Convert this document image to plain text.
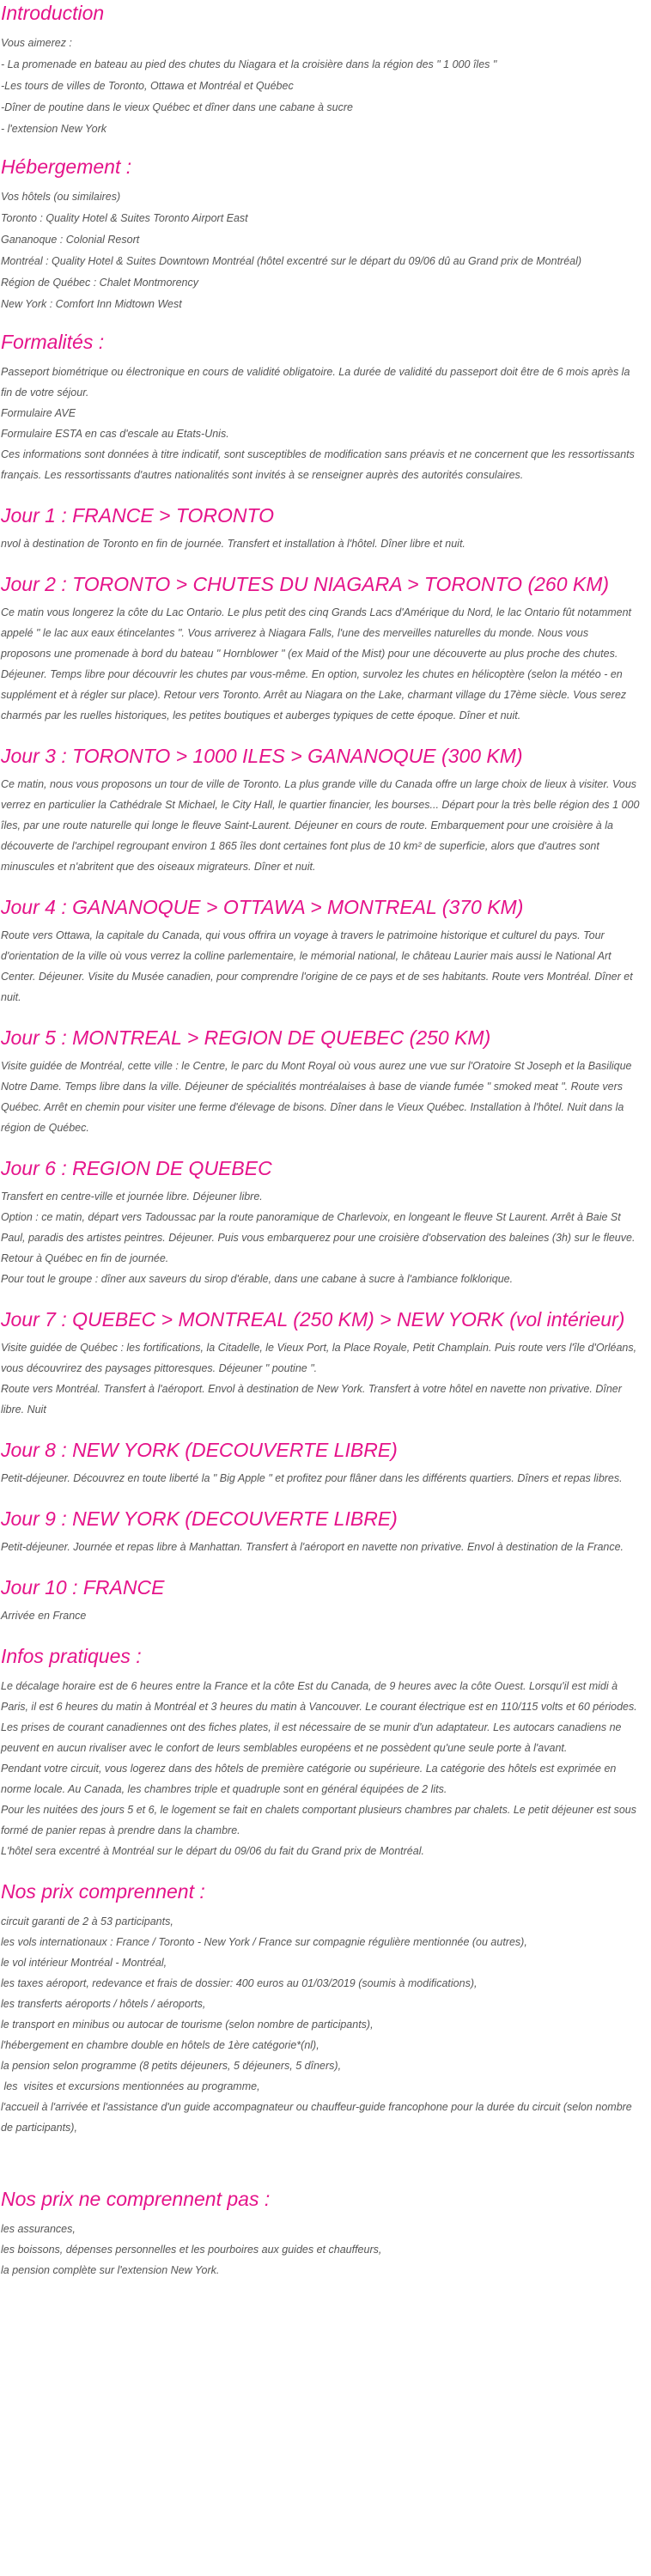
Introduction
Vous aimerez :
- La promenade en bateau au pied des chutes du Niagara et la croisière dans la région des " 1 000 îles "
-Les tours de villes de Toronto, Ottawa et Montréal et Québec
-Dîner de poutine dans le vieux Québec et dîner dans une cabane à sucre
- l'extension New York
Hébergement :
Vos hôtels (ou similaires)
Toronto : Quality Hotel & Suites Toronto Airport East
Gananoque : Colonial Resort
Montréal : Quality Hotel & Suites Downtown Montréal (hôtel excentré sur le départ du 09/06 dû au Grand prix de Montréal)
Région de Québec : Chalet Montmorency
New York : Comfort Inn Midtown West
Formalités :
Passeport biométrique ou électronique en cours de validité obligatoire. La durée de validité du passeport doit être de 6 mois après la fin de votre séjour.
Formulaire AVE
Formulaire ESTA en cas d'escale au Etats-Unis.
Ces informations sont données à titre indicatif, sont susceptibles de modification sans préavis et ne concernent que les ressortissants français. Les ressortissants d'autres nationalités sont invités à se renseigner auprès des autorités consulaires.
Jour 1 : FRANCE > TORONTO
nvol à destination de Toronto en fin de journée. Transfert et installation à l'hôtel. Dîner libre et nuit.
Jour 2 : TORONTO > CHUTES DU NIAGARA > TORONTO (260 KM)
Ce matin vous longerez la côte du Lac Ontario. Le plus petit des cinq Grands Lacs d'Amérique du Nord, le lac Ontario fût notamment appelé " le lac aux eaux étincelantes ". Vous arriverez à Niagara Falls, l'une des merveilles naturelles du monde. Nous vous proposons une promenade à bord du bateau " Hornblower " (ex Maid of the Mist) pour une découverte au plus proche des chutes. Déjeuner. Temps libre pour découvrir les chutes par vous-même. En option, survolez les chutes en hélicoptère (selon la météo - en supplément et à régler sur place). Retour vers Toronto. Arrêt au Niagara on the Lake, charmant village du 17ème siècle. Vous serez charmés par les ruelles historiques, les petites boutiques et auberges typiques de cette époque. Dîner et nuit.
Jour 3 : TORONTO > 1000 ILES > GANANOQUE (300 KM)
Ce matin, nous vous proposons un tour de ville de Toronto. La plus grande ville du Canada offre un large choix de lieux à visiter. Vous verrez en particulier la Cathédrale St Michael, le City Hall, le quartier financier, les bourses... Départ pour la très belle région des 1 000 îles, par une route naturelle qui longe le fleuve Saint-Laurent. Déjeuner en cours de route. Embarquement pour une croisière à la découverte de l'archipel regroupant environ 1 865 îles dont certaines font plus de 10 km² de superficie, alors que d'autres sont minuscules et n'abritent que des oiseaux migrateurs. Dîner et nuit.
Jour 4 : GANANOQUE > OTTAWA > MONTREAL (370 KM)
Route vers Ottawa, la capitale du Canada, qui vous offrira un voyage à travers le patrimoine historique et culturel du pays. Tour d'orientation de la ville où vous verrez la colline parlementaire, le mémorial national, le château Laurier mais aussi le National Art Center. Déjeuner. Visite du Musée canadien, pour comprendre l'origine de ce pays et de ses habitants. Route vers Montréal. Dîner et nuit.
Jour 5 : MONTREAL > REGION DE QUEBEC (250 KM)
Visite guidée de Montréal, cette ville : le Centre, le parc du Mont Royal où vous aurez une vue sur l'Oratoire St Joseph et la Basilique Notre Dame. Temps libre dans la ville. Déjeuner de spécialités montréalaises à base de viande fumée " smoked meat ". Route vers Québec. Arrêt en chemin pour visiter une ferme d'élevage de bisons. Dîner dans le Vieux Québec. Installation à l'hôtel. Nuit dans la région de Québec.
Jour 6 : REGION DE QUEBEC
Transfert en centre-ville et journée libre. Déjeuner libre.
Option : ce matin, départ vers Tadoussac par la route panoramique de Charlevoix, en longeant le fleuve St Laurent. Arrêt à Baie St Paul, paradis des artistes peintres. Déjeuner. Puis vous embarquerez pour une croisière d'observation des baleines (3h) sur le fleuve. Retour à Québec en fin de journée.
Pour tout le groupe : dîner aux saveurs du sirop d'érable, dans une cabane à sucre à l'ambiance folklorique.
Jour 7 : QUEBEC > MONTREAL (250 KM) > NEW YORK (vol intérieur)
Visite guidée de Québec : les fortifications, la Citadelle, le Vieux Port, la Place Royale, Petit Champlain. Puis route vers l'île d'Orléans, vous découvrirez des paysages pittoresques. Déjeuner " poutine ".
Route vers Montréal. Transfert à l'aéroport. Envol à destination de New York. Transfert à votre hôtel en navette non privative. Dîner libre. Nuit
Jour 8 : NEW YORK (DECOUVERTE LIBRE)
Petit-déjeuner. Découvrez en toute liberté la " Big Apple " et profitez pour flâner dans les différents quartiers. Dîners et repas libres.
Jour 9 : NEW YORK (DECOUVERTE LIBRE)
Petit-déjeuner. Journée et repas libre à Manhattan. Transfert à l'aéroport en navette non privative. Envol à destination de la France.
Jour 10 : FRANCE
Arrivée en France
Infos pratiques :
Le décalage horaire est de 6 heures entre la France et la côte Est du Canada, de 9 heures avec la côte Ouest. Lorsqu'il est midi à Paris, il est 6 heures du matin à Montréal et 3 heures du matin à Vancouver. Le courant électrique est en 110/115 volts et 60 périodes. Les prises de courant canadiennes ont des fiches plates, il est nécessaire de se munir d'un adaptateur. Les autocars canadiens ne peuvent en aucun rivaliser avec le confort de leurs semblables européens et ne possèdent qu'une seule porte à l'avant.
Pendant votre circuit, vous logerez dans des hôtels de première catégorie ou supérieure. La catégorie des hôtels est exprimée en norme locale. Au Canada, les chambres triple et quadruple sont en général équipées de 2 lits.
Pour les nuitées des jours 5 et 6, le logement se fait en chalets comportant plusieurs chambres par chalets. Le petit déjeuner est sous formé de panier repas à prendre dans la chambre.
L'hôtel sera excentré à Montréal sur le départ du 09/06 du fait du Grand prix de Montréal.
Nos prix comprennent :
circuit garanti de 2 à 53 participants,
les vols internationaux : France / Toronto - New York / France sur compagnie régulière mentionnée (ou autres),
le vol intérieur Montréal - Montréal,
les taxes aéroport, redevance et frais de dossier: 400 euros au 01/03/2019 (soumis à modifications),
les transferts aéroports / hôtels / aéroports,
le transport en minibus ou autocar de tourisme (selon nombre de participants),
l'hébergement en chambre double en hôtels de 1ère catégorie*(nl),
la pension selon programme (8 petits déjeuners, 5 déjeuners, 5 dîners),
les  visites et excursions mentionnées au programme,
l'accueil à l'arrivée et l'assistance d'un guide accompagnateur ou chauffeur-guide francophone pour la durée du circuit (selon nombre de participants),
Nos prix ne comprennent pas :
les assurances,
les boissons, dépenses personnelles et les pourboires aux guides et chauffeurs,
la pension complète sur l'extension New York.
